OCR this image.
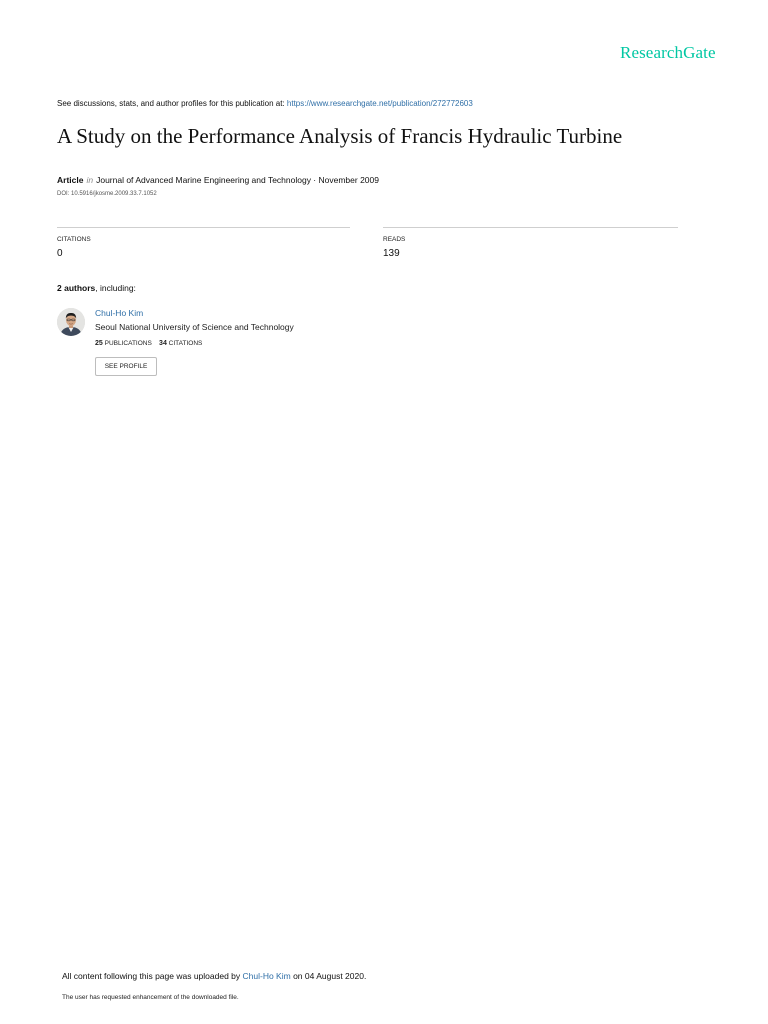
ResearchGate
See discussions, stats, and author profiles for this publication at: https://www.researchgate.net/publication/272772603
A Study on the Performance Analysis of Francis Hydraulic Turbine
Article in Journal of Advanced Marine Engineering and Technology · November 2009
DOI: 10.5916/jkosme.2009.33.7.1052
CITATIONS
0
READS
139
2 authors, including:
Chul-Ho Kim
Seoul National University of Science and Technology
25 PUBLICATIONS 34 CITATIONS
SEE PROFILE
All content following this page was uploaded by Chul-Ho Kim on 04 August 2020.
The user has requested enhancement of the downloaded file.
